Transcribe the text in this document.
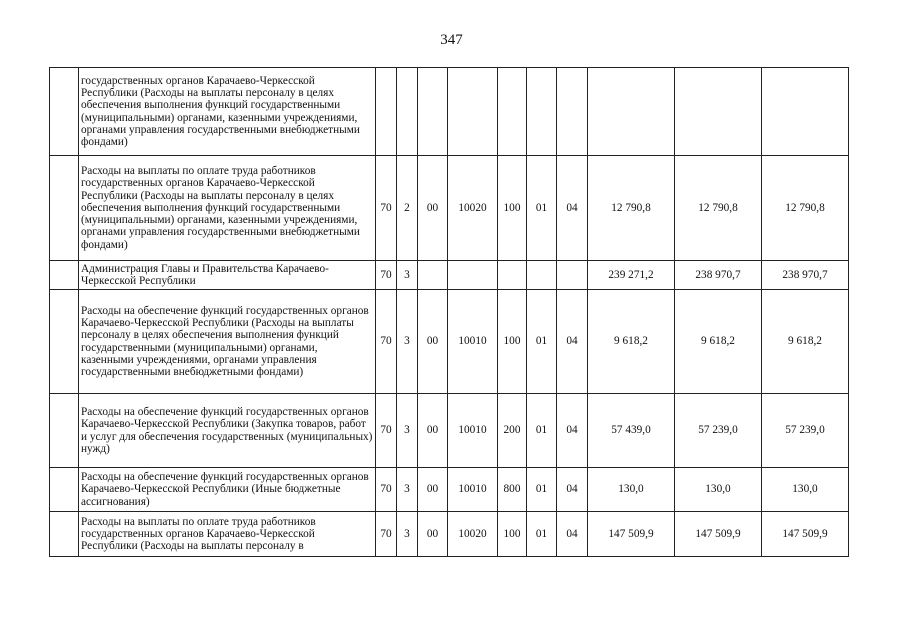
347
	государственных органов Карачаево-Черкесской Республики (Расходы на выплаты персоналу в целях обеспечения выполнения функций государственными (муниципальными) органами, казенными учреждениями, органами управления государственными внебюджетными фондами)										
	Расходы на выплаты по оплате труда работников государственных органов Карачаево-Черкесской Республики (Расходы на выплаты персоналу в целях обеспечения выполнения функций государственными (муниципальными) органами, казенными учреждениями, органами управления государственными внебюджетными фондами)	70	2	00	10020	100	01	04	12 790,8	12 790,8	12 790,8
	Администрация Главы и Правительства Карачаево-Черкесской Республики	70	3						239 271,2	238 970,7	238 970,7
	Расходы на обеспечение функций государственных органов Карачаево-Черкесской Республики (Расходы на выплаты персоналу в целях обеспечения выполнения функций государственными (муниципальными) органами, казенными учреждениями, органами управления государственными внебюджетными фондами)	70	3	00	10010	100	01	04	9 618,2	9 618,2	9 618,2
	Расходы на обеспечение функций государственных органов Карачаево-Черкесской Республики (Закупка товаров, работ и услуг для обеспечения государственных (муниципальных) нужд)	70	3	00	10010	200	01	04	57 439,0	57 239,0	57 239,0
	Расходы на обеспечение функций государственных органов Карачаево-Черкесской Республики (Иные бюджетные ассигнования)	70	3	00	10010	800	01	04	130,0	130,0	130,0
	Расходы на выплаты по оплате труда работников государственных органов Карачаево-Черкесской Республики (Расходы на выплаты персоналу в	70	3	00	10020	100	01	04	147 509,9	147 509,9	147 509,9
